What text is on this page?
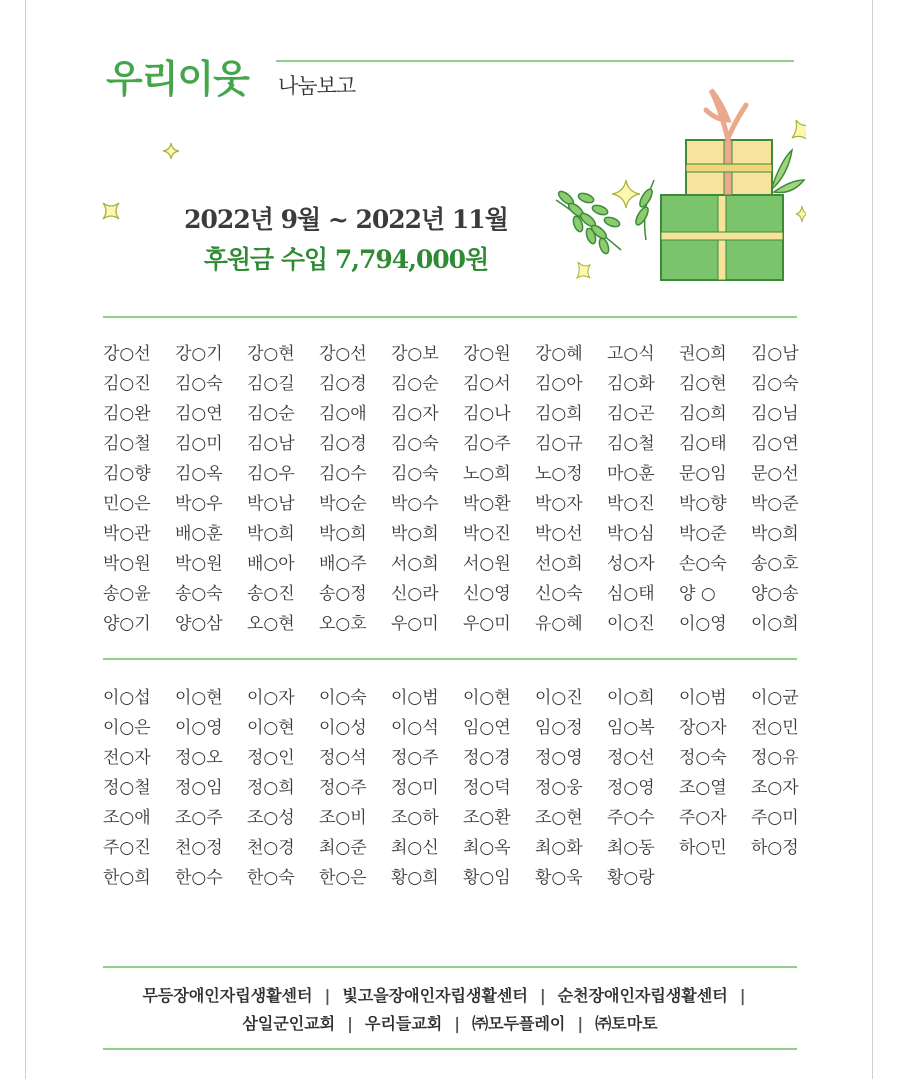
우리이웃 나눔보고
2022년 9월 ~ 2022년 11월
후원금 수입 7,794,000원
강○선	강○기	강○현	강○선	강○보	강○원	강○혜	고○식	권○희	김○남
김○진	김○숙	김○길	김○경	김○순	김○서	김○아	김○화	김○현	김○숙
김○완	김○연	김○순	김○애	김○자	김○나	김○희	김○곤	김○희	김○님
김○철	김○미	김○남	김○경	김○숙	김○주	김○규	김○철	김○태	김○연
김○향	김○옥	김○우	김○수	김○숙	노○희	노○정	마○훈	문○임	문○선
민○은	박○우	박○남	박○순	박○수	박○환	박○자	박○진	박○향	박○준
박○관	배○훈	박○희	박○희	박○희	박○진	박○선	박○심	박○준	박○희
박○원	박○원	배○아	배○주	서○희	서○원	선○희	성○자	손○숙	송○호
송○윤	송○숙	송○진	송○정	신○라	신○영	신○숙	심○태	양 ○	양○송
양○기	양○삼	오○현	오○호	우○미	우○미	유○혜	이○진	이○영	이○희
이○섭	이○현	이○자	이○숙	이○범	이○현	이○진	이○희	이○범	이○균
이○은	이○영	이○현	이○성	이○석	임○연	임○정	임○복	장○자	전○민
전○자	정○오	정○인	정○석	정○주	정○경	정○영	정○선	정○숙	정○유
정○철	정○임	정○희	정○주	정○미	정○덕	정○웅	정○영	조○열	조○자
조○애	조○주	조○성	조○비	조○하	조○환	조○현	주○수	주○자	주○미
주○진	천○정	천○경	최○준	최○신	최○옥	최○화	최○동	하○민	하○정
한○희	한○수	한○숙	한○은	황○희	황○임	황○욱	황○랑
무등장애인자립생활센터 | 빛고을장애인자립생활센터 | 순천장애인자립생활센터 |
삼일군인교회 | 우리들교회 | ㈜모두플레이 | ㈜토마토
